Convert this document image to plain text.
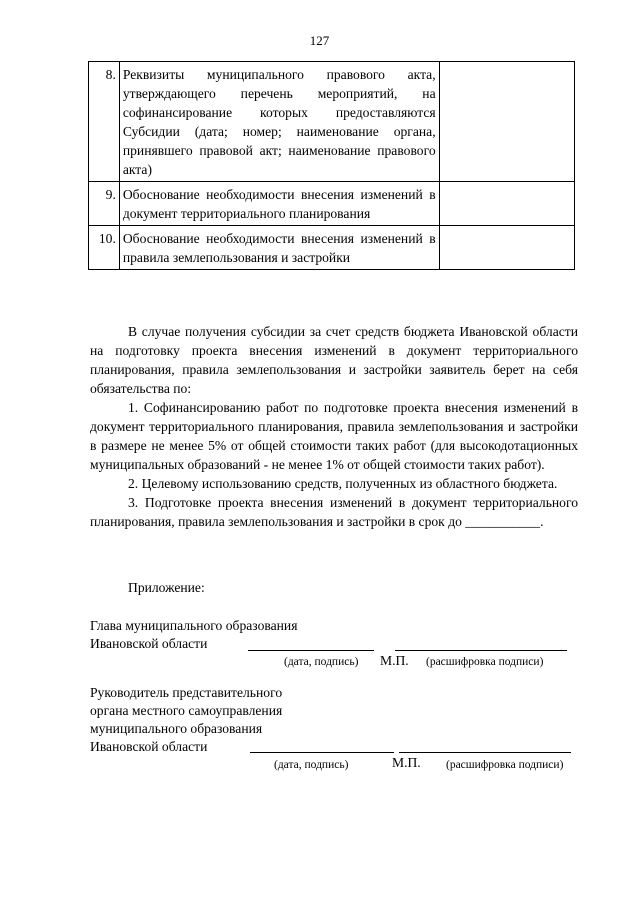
127
8.	Реквизиты муниципального правового акта, утверждающего перечень мероприятий, на софинансирование которых предоставляются Субсидии (дата; номер; наименование органа, принявшего правовой акт; наименование правового акта)	
9.	Обоснование необходимости внесения изменений в документ территориального планирования	
10.	Обоснование необходимости внесения изменений в правила землепользования и застройки	

В случае получения субсидии за счет средств бюджета Ивановской области на подготовку проекта внесения изменений в документ территориального планирования, правила землепользования и застройки заявитель берет на себя обязательства по:

1. Софинансированию работ по подготовке проекта внесения изменений в документ территориального планирования, правила землепользования и застройки в размере не менее 5% от общей стоимости таких работ (для высокодотационных муниципальных образований - не менее 1% от общей стоимости таких работ).

2. Целевому использованию средств, полученных из областного бюджета.

3. Подготовке проекта внесения изменений в документ территориального планирования, правила землепользования и застройки в срок до ___________.

Приложение:
Глава муниципального образования
Ивановской области
(дата, подпись) М.П. (расшифровка подписи)
Руководитель представительного
органа местного самоуправления
муниципального образования
Ивановской области
(дата, подпись)	М.П. (расшифровка подписи)
